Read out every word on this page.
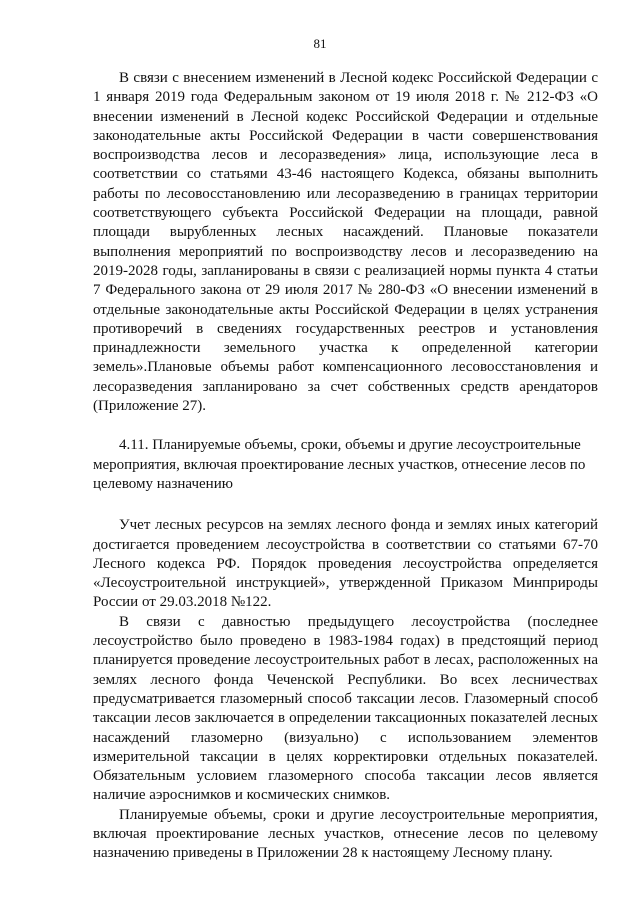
81

В связи с внесением изменений в Лесной кодекс Российской Федерации с 1 января 2019 года Федеральным законом от 19 июля 2018 г. № 212-ФЗ «О внесении изменений в Лесной кодекс Российской Федерации и отдельные законодательные акты Российской Федерации в части совершенствования воспроизводства лесов и лесоразведения» лица, использующие леса в соответствии со статьями 43-46 настоящего Кодекса, обязаны выполнить работы по лесовосстановлению или лесоразведению в границах территории соответствующего субъекта Российской Федерации на площади, равной площади вырубленных лесных насаждений. Плановые показатели выполнения мероприятий по воспроизводству лесов и лесоразведению на 2019-2028 годы, запланированы в связи с реализацией нормы пункта 4 статьи 7 Федерального закона от 29 июля 2017 № 280-ФЗ «О внесении изменений в отдельные законодательные акты Российской Федерации в целях устранения противоречий в сведениях государственных реестров и установления принадлежности земельного участка к определенной категории земель».Плановые объемы работ компенсационного лесовосстановления и лесоразведения запланировано за счет собственных средств арендаторов (Приложение 27).

4.11. Планируемые объемы, сроки, объемы и другие лесоустроительные мероприятия, включая проектирование лесных участков, отнесение лесов по целевому назначению

Учет лесных ресурсов на землях лесного фонда и землях иных категорий достигается проведением лесоустройства в соответствии со статьями 67-70 Лесного кодекса РФ. Порядок проведения лесоустройства определяется «Лесоустроительной инструкцией», утвержденной Приказом Минприроды России от 29.03.2018 №122.

В связи с давностью предыдущего лесоустройства (последнее лесоустройство было проведено в 1983-1984 годах) в предстоящий период планируется проведение лесоустроительных работ в лесах, расположенных на землях лесного фонда Чеченской Республики. Во всех лесничествах предусматривается глазомерный способ таксации лесов. Глазомерный способ таксации лесов заключается в определении таксационных показателей лесных насаждений глазомерно (визуально) с использованием элементов измерительной таксации в целях корректировки отдельных показателей. Обязательным условием глазомерного способа таксации лесов является наличие аэроснимков и космических снимков.

Планируемые объемы, сроки и другие лесоустроительные мероприятия, включая проектирование лесных участков, отнесение лесов по целевому назначению приведены в Приложении 28 к настоящему Лесному плану.
